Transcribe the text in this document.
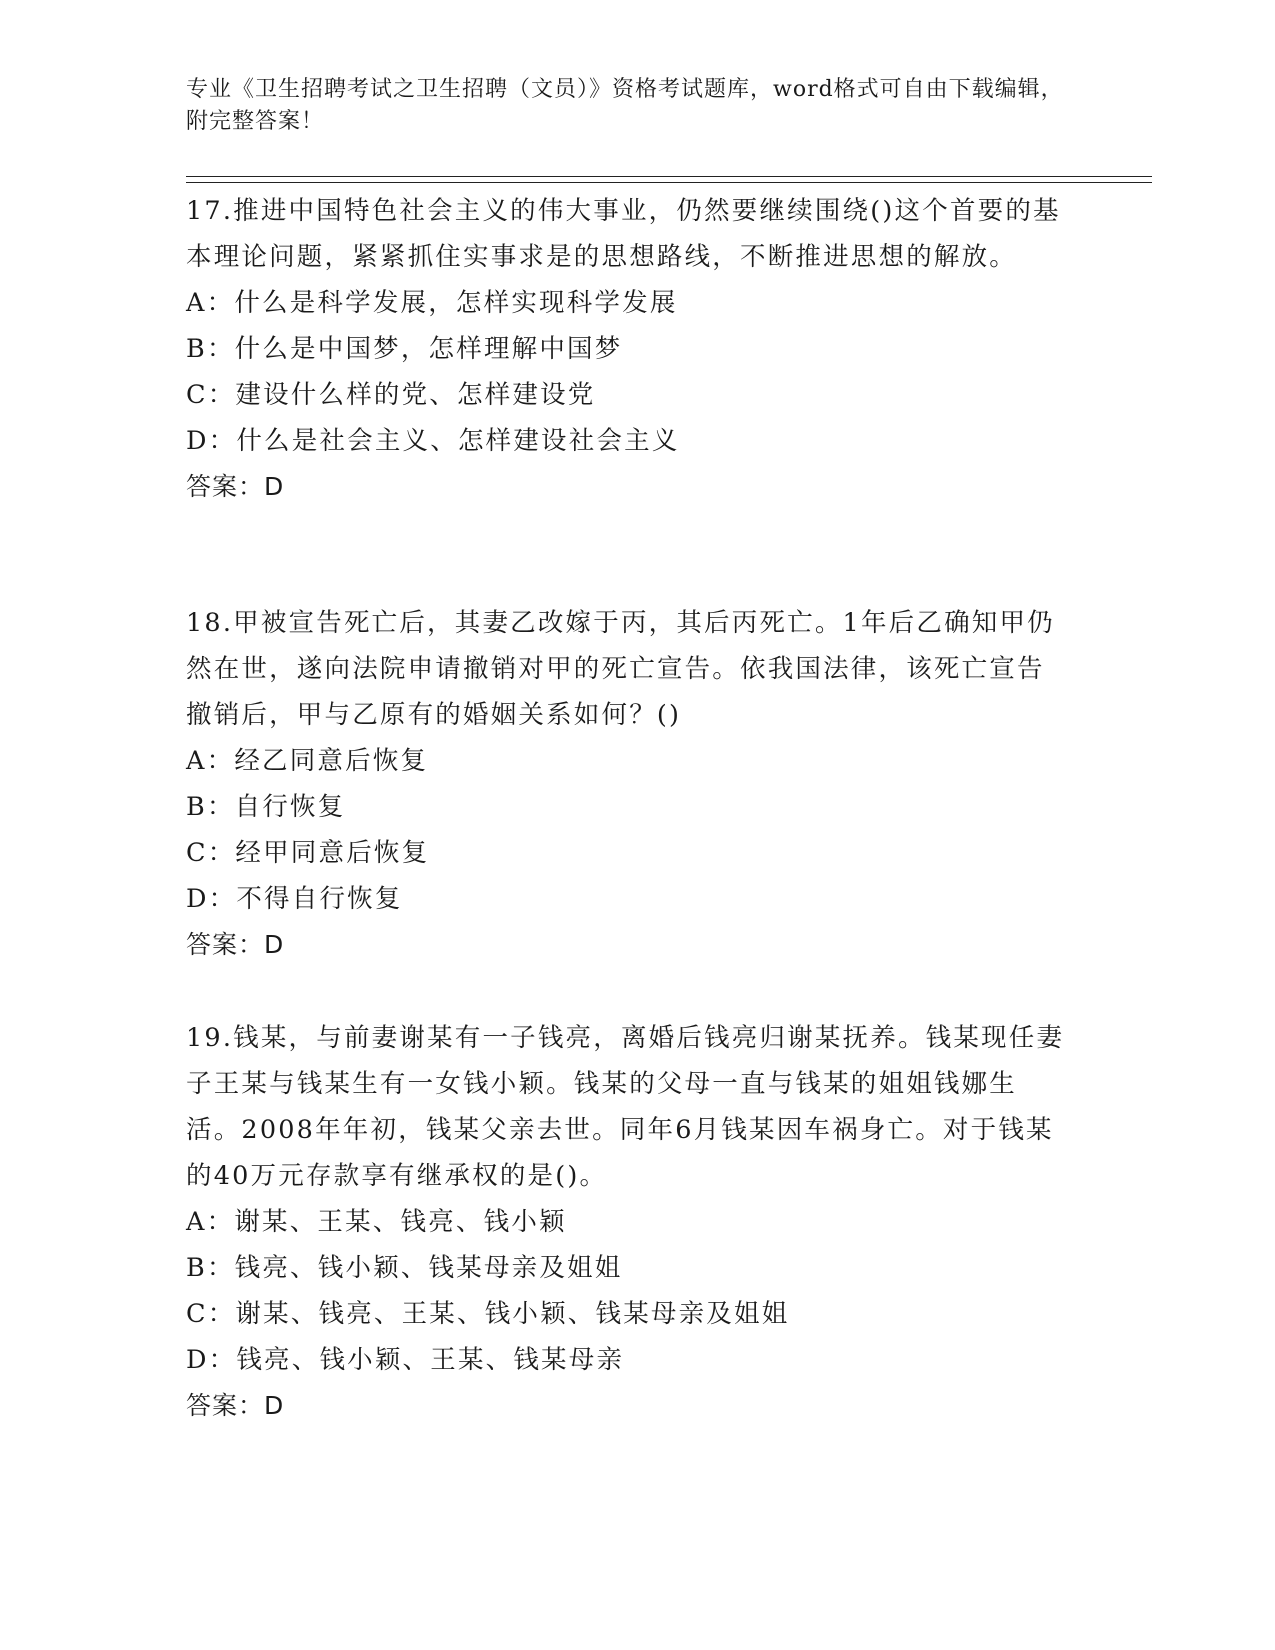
专业《卫生招聘考试之卫生招聘（文员）》资格考试题库，word格式可自由下载编辑，附完整答案！

17.推进中国特色社会主义的伟大事业，仍然要继续围绕()这个首要的基本理论问题，紧紧抓住实事求是的思想路线，不断推进思想的解放。

A：什么是科学发展，怎样实现科学发展

B：什么是中国梦，怎样理解中国梦

C：建设什么样的党、怎样建设党

D：什么是社会主义、怎样建设社会主义

答案：D

18.甲被宣告死亡后，其妻乙改嫁于丙，其后丙死亡。1年后乙确知甲仍然在世，遂向法院申请撤销对甲的死亡宣告。依我国法律，该死亡宣告撤销后，甲与乙原有的婚姻关系如何？()

A：经乙同意后恢复

B：自行恢复

C：经甲同意后恢复

D：不得自行恢复

答案：D

19.钱某，与前妻谢某有一子钱亮，离婚后钱亮归谢某抚养。钱某现任妻子王某与钱某生有一女钱小颖。钱某的父母一直与钱某的姐姐钱娜生活。2008年年初，钱某父亲去世。同年6月钱某因车祸身亡。对于钱某的40万元存款享有继承权的是()。

A：谢某、王某、钱亮、钱小颖

B：钱亮、钱小颖、钱某母亲及姐姐

C：谢某、钱亮、王某、钱小颖、钱某母亲及姐姐

D：钱亮、钱小颖、王某、钱某母亲

答案：D
